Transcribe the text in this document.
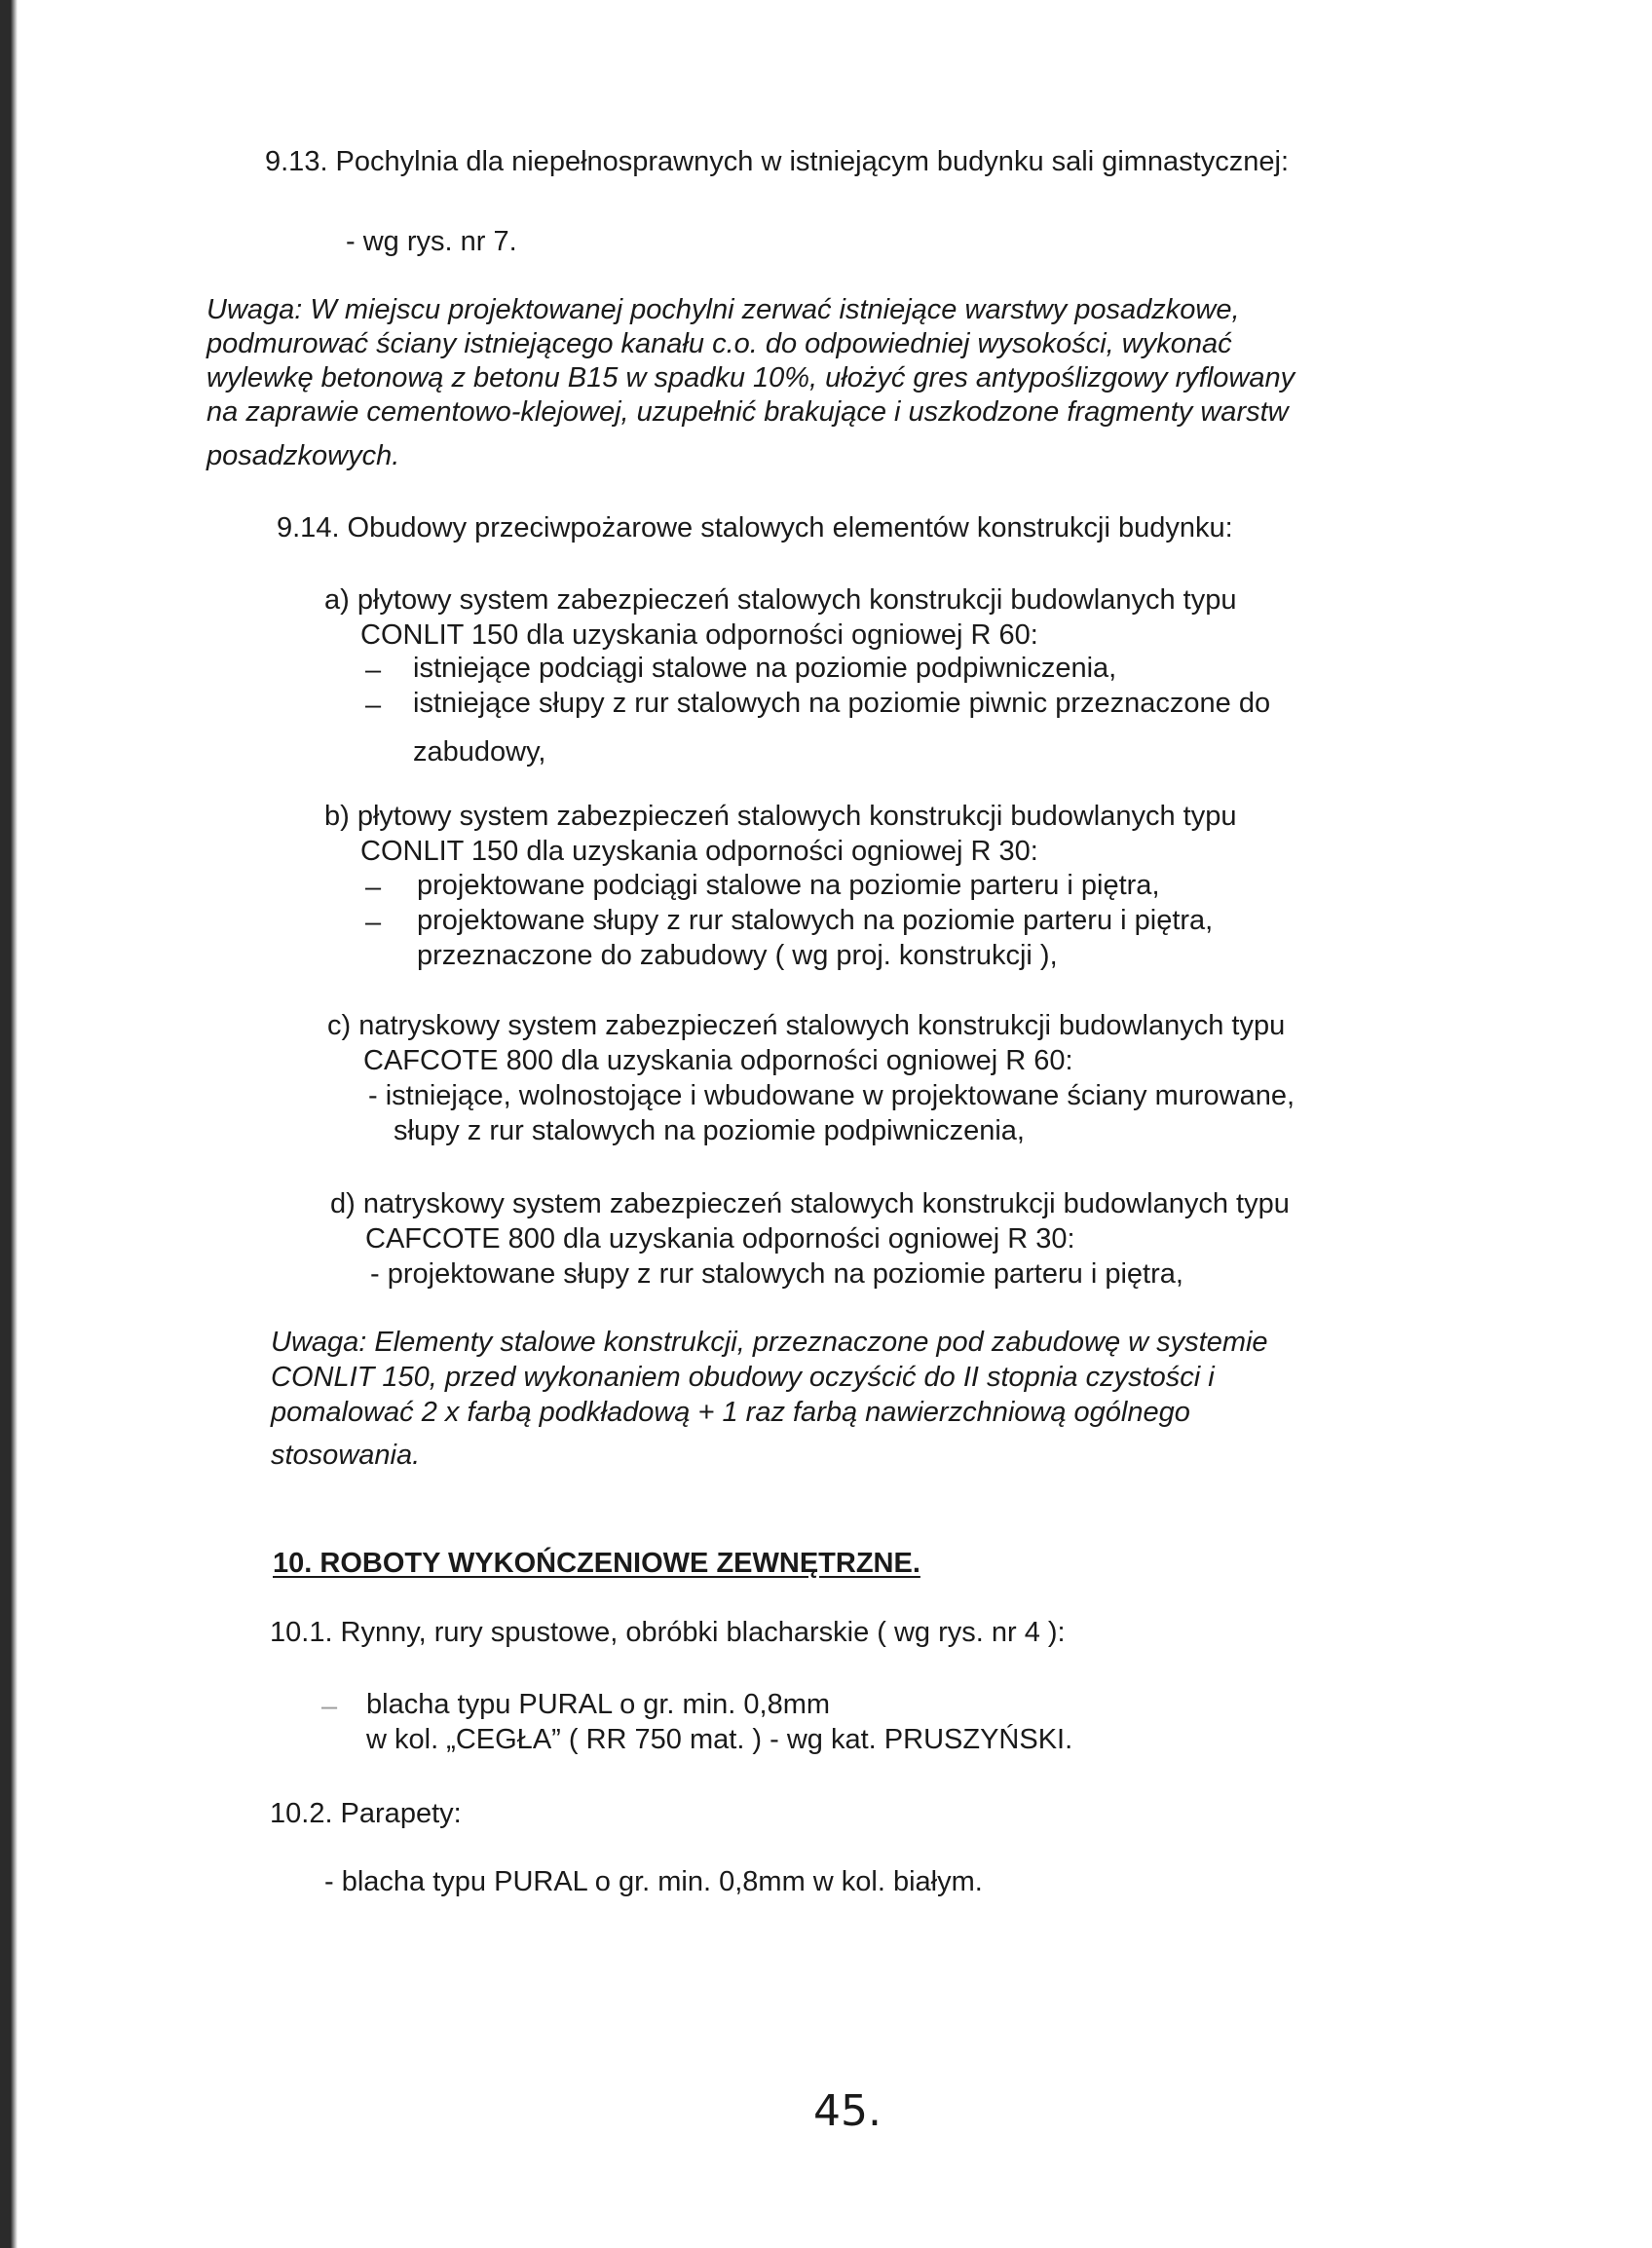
9.13. Pochylnia dla niepełnosprawnych w istniejącym budynku sali gimnastycznej:
- wg rys. nr 7.
Uwaga: W miejscu projektowanej pochylni zerwać istniejące warstwy posadzkowe,
podmurować ściany istniejącego kanału c.o. do odpowiedniej wysokości, wykonać
wylewkę betonową z betonu B15 w spadku 10%, ułożyć gres antypoślizgowy ryflowany
na zaprawie cementowo-klejowej, uzupełnić brakujące i uszkodzone fragmenty warstw
posadzkowych.
9.14. Obudowy przeciwpożarowe stalowych elementów konstrukcji budynku:
a) płytowy system zabezpieczeń stalowych konstrukcji budowlanych typu
CONLIT 150 dla uzyskania odporności ogniowej R 60:
– istniejące podciągi stalowe na poziomie podpiwniczenia,
– istniejące słupy z rur stalowych na poziomie piwnic przeznaczone do
zabudowy,
b) płytowy system zabezpieczeń stalowych konstrukcji budowlanych typu
CONLIT 150 dla uzyskania odporności ogniowej R 30:
– projektowane podciągi stalowe na poziomie parteru i piętra,
– projektowane słupy z rur stalowych na poziomie parteru i piętra,
przeznaczone do zabudowy ( wg proj. konstrukcji ),
c) natryskowy system zabezpieczeń stalowych konstrukcji budowlanych typu
CAFCOTE 800 dla uzyskania odporności ogniowej R 60:
- istniejące, wolnostojące i wbudowane w projektowane ściany murowane,
słupy z rur stalowych na poziomie podpiwniczenia,
d) natryskowy system zabezpieczeń stalowych konstrukcji budowlanych typu
CAFCOTE 800 dla uzyskania odporności ogniowej R 30:
- projektowane słupy z rur stalowych na poziomie parteru i piętra,
Uwaga: Elementy stalowe konstrukcji, przeznaczone pod zabudowę w systemie
CONLIT 150, przed wykonaniem obudowy oczyścić do II stopnia czystości i
pomalować 2 x farbą podkładową + 1 raz farbą nawierzchniową ogólnego
stosowania.
10. ROBOTY WYKOŃCZENIOWE ZEWNĘTRZNE.
10.1. Rynny, rury spustowe, obróbki blacharskie ( wg rys. nr 4 ):
– blacha typu PURAL o gr. min. 0,8mm
w kol. „CEGŁA” ( RR 750 mat. ) - wg kat. PRUSZYŃSKI.
10.2. Parapety:
- blacha typu PURAL o gr. min. 0,8mm w kol. białym.
45.
